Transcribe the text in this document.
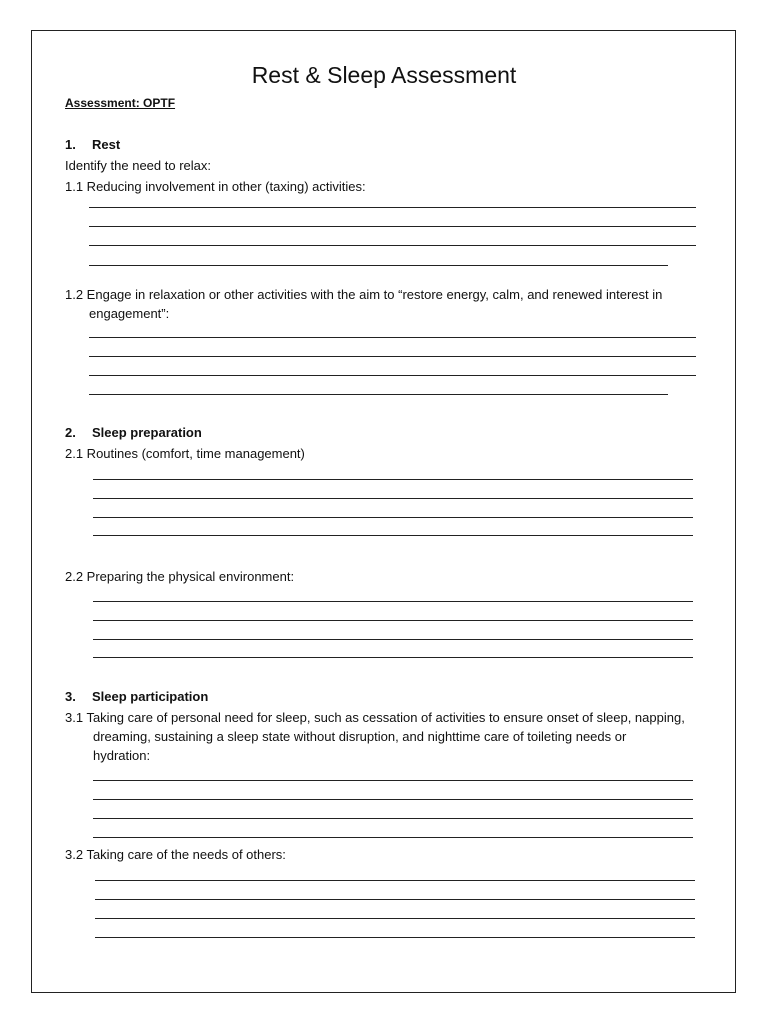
Rest & Sleep Assessment
Assessment: OPTF
1. Rest
Identify the need to relax:
1.1 Reducing involvement in other (taxing) activities:
1.2 Engage in relaxation or other activities with the aim to “restore energy, calm, and renewed interest in
engagement”:
2. Sleep preparation
2.1 Routines (comfort, time management)
2.2 Preparing the physical environment:
3. Sleep participation
3.1 Taking care of personal need for sleep, such as cessation of activities to ensure onset of sleep, napping,
dreaming, sustaining a sleep state without disruption, and nighttime care of toileting needs or
hydration:
3.2 Taking care of the needs of others:
